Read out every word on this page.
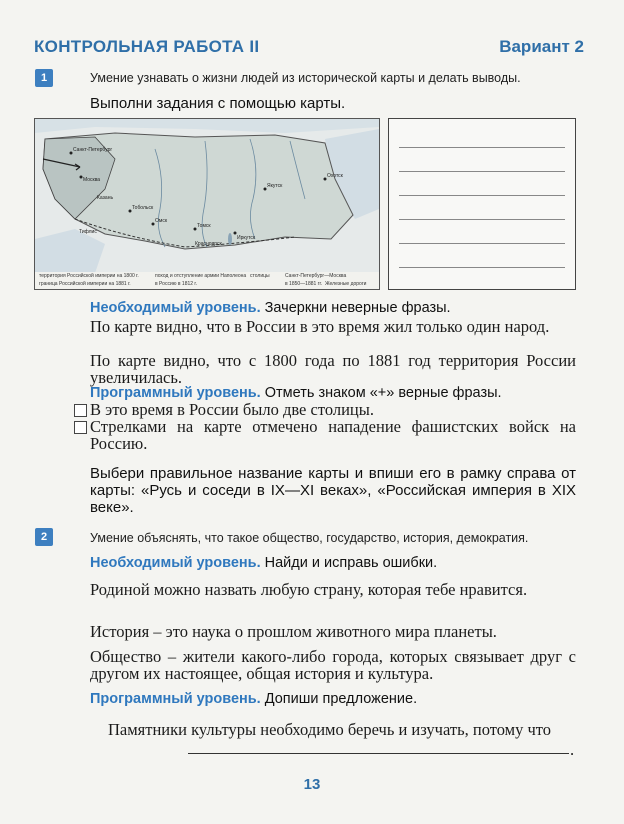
КОНТРОЛЬНАЯ РАБОТА II	Вариант 2
1	Умение узнавать о жизни людей из исторической карты и делать выводы.
Выполни задания с помощью карты.
Санкт-Петербург
Москва
Омск
Томск
Якутск
Иркутск
Красноярск
Охотск
Тобольск
Казань
Тифлис
территория Российской империи на 1800 г.
граница Российской империи на 1881 г.
поход и отступление армии Наполеона
в Россию в 1812 г.
столицы	Санкт-Петербург—Москва
Железные дороги
в 1850—1881 гг.
Необходимый уровень. Зачеркни неверные фразы.
По карте видно, что в России в это время жил только один народ.
По карте видно, что с 1800 года по 1881 год территория России увеличилась.
Программный уровень. Отметь знаком «+» верные фразы.
В это время в России было две столицы.
Стрелками на карте отмечено нападение фашистских войск на Россию.
Выбери правильное название карты и впиши его в рамку справа от карты: «Русь и соседи в IX—XI веках», «Российская империя в XIX веке».
2	Умение объяснять, что такое общество, государство, история, демократия.
Необходимый уровень. Найди и исправь ошибки.
Родиной можно назвать любую страну, которая тебе нравится.
История – это наука о прошлом животного мира планеты.
Общество – жители какого-либо города, которых связывает друг с другом их настоящее, общая история и культура.
Программный уровень. Допиши предложение.
Памятники культуры необходимо беречь и изучать, потому что
.
13
